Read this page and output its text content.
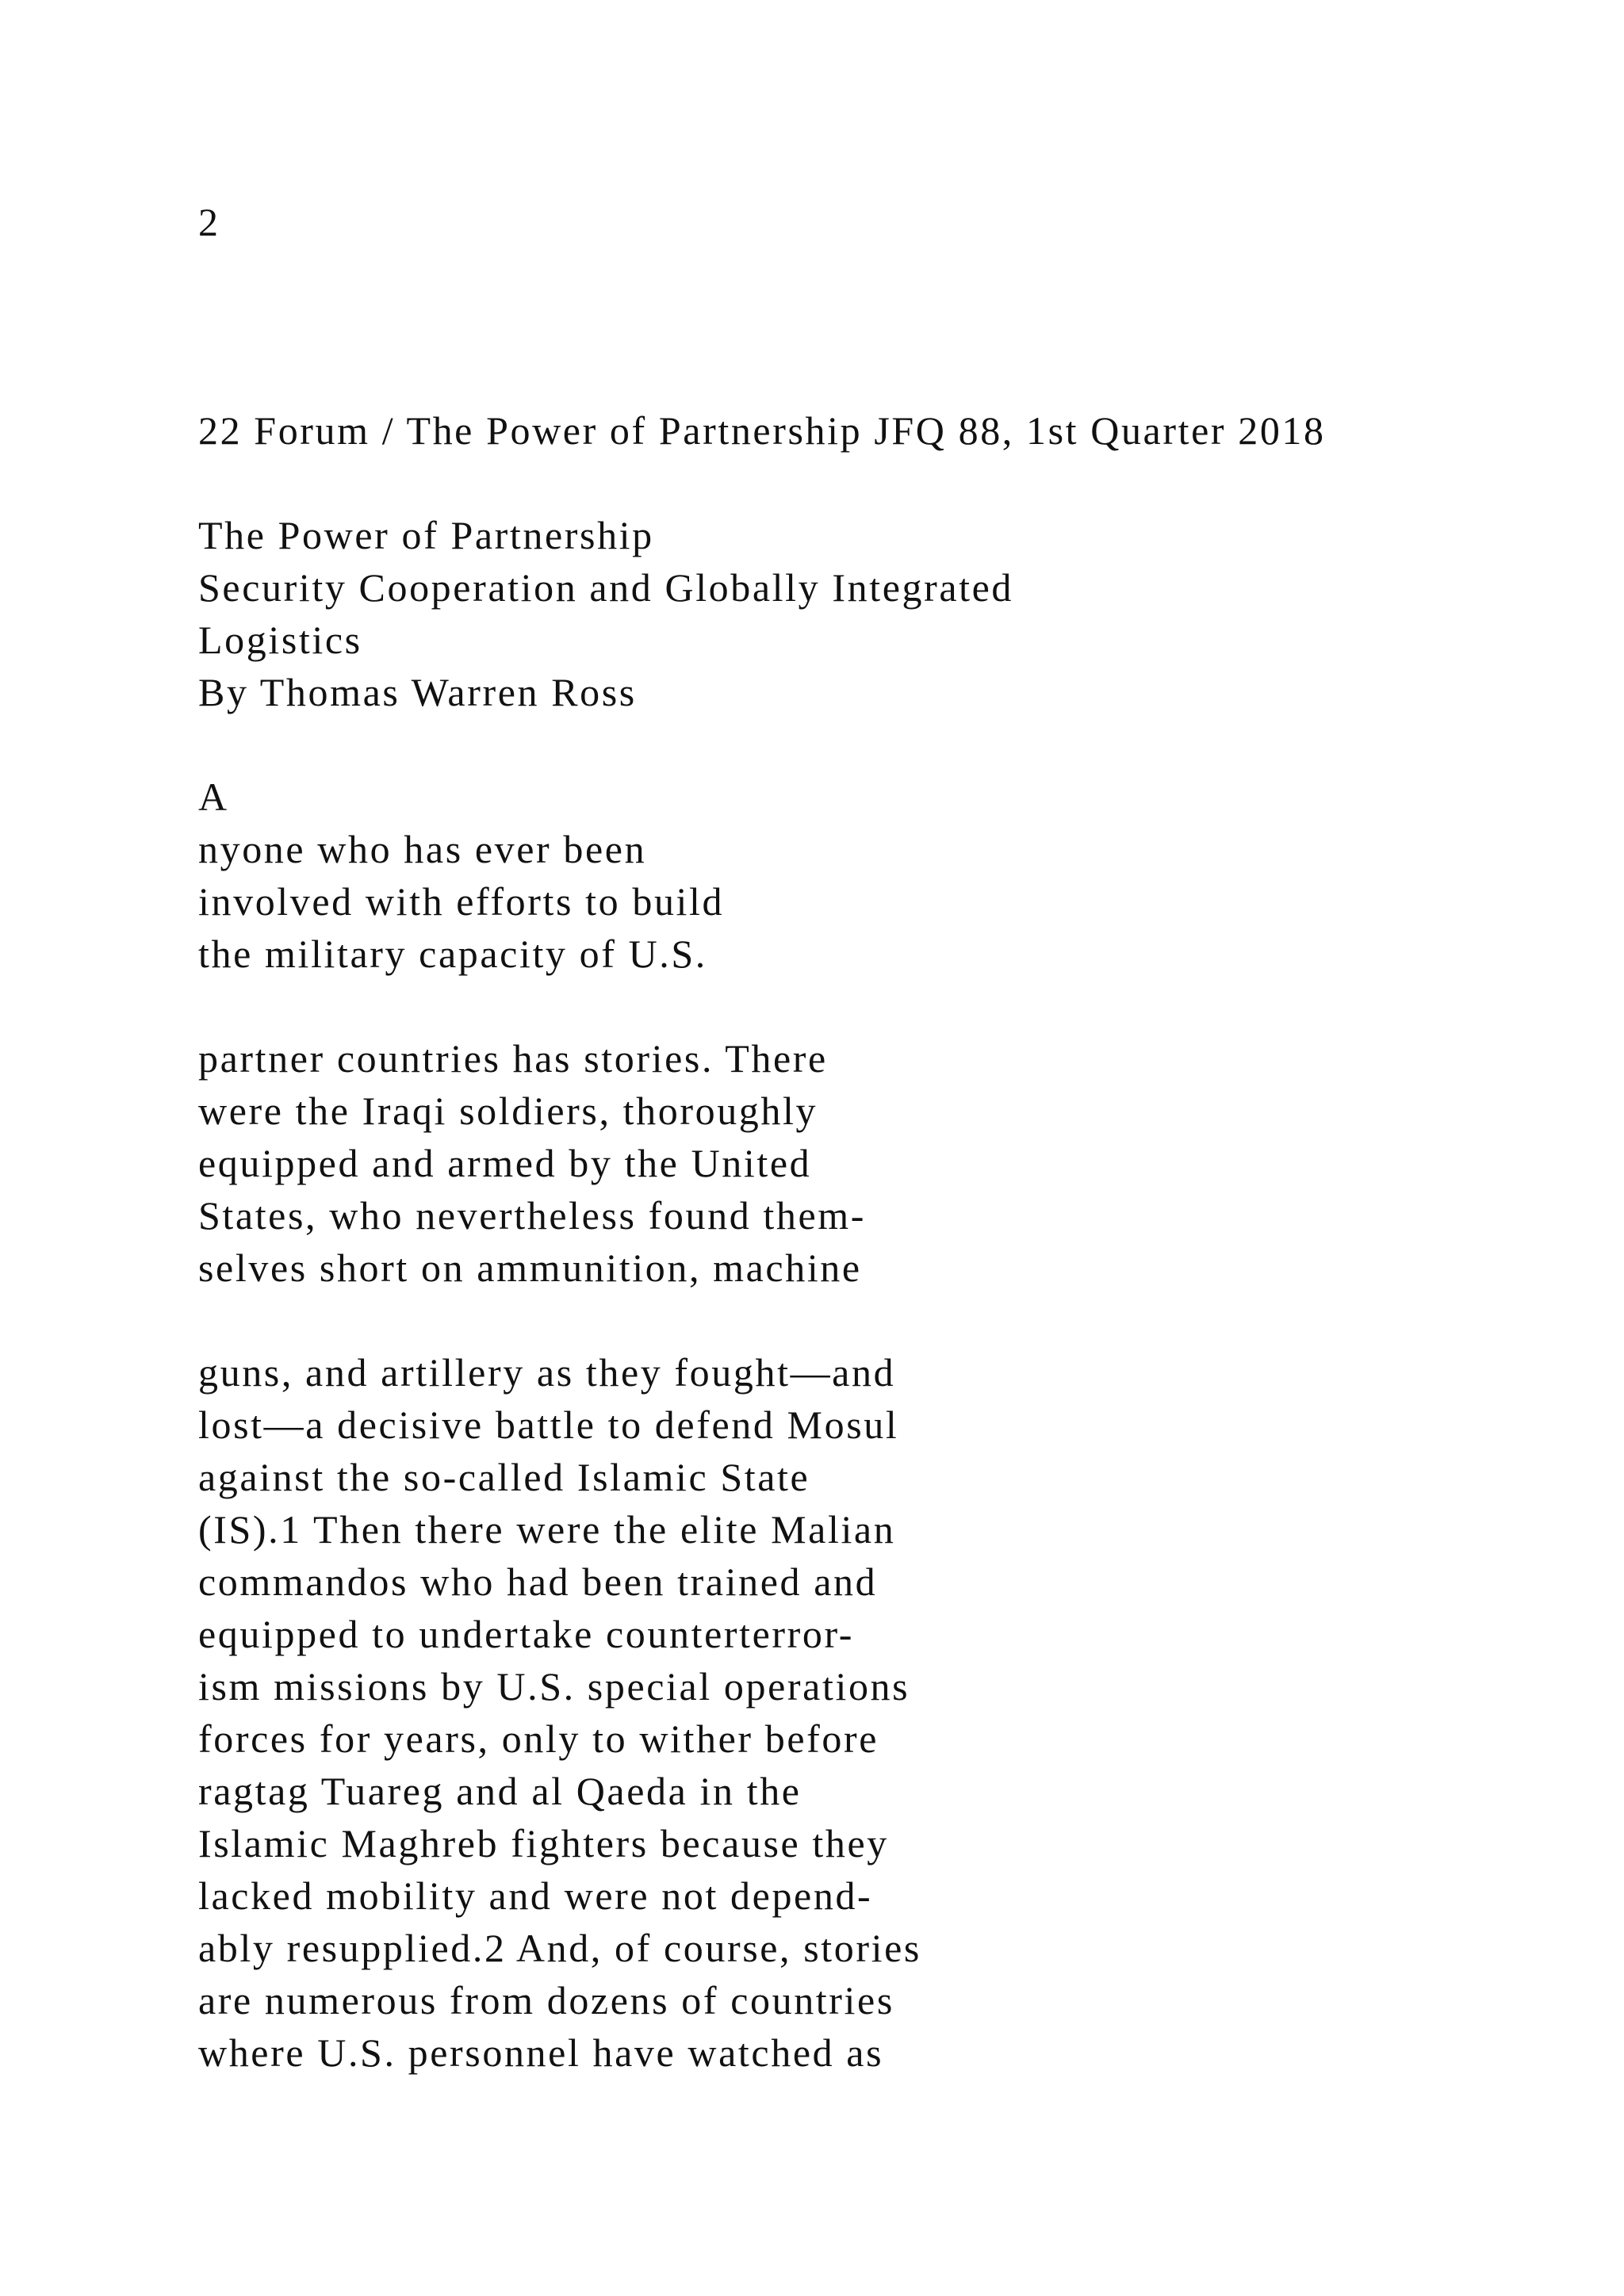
2
22 Forum / The Power of Partnership JFQ 88, 1st Quarter 2018
The Power of Partnership
Security Cooperation and Globally Integrated
Logistics
By Thomas Warren Ross
A
nyone who has ever been
involved with efforts to build
the military capacity of U.S.
partner countries has stories. There
were the Iraqi soldiers, thoroughly
equipped and armed by the United
States, who nevertheless found them-
selves short on ammunition, machine
guns, and artillery as they fought—and
lost—a decisive battle to defend Mosul
against the so-called Islamic State
(IS).1 Then there were the elite Malian
commandos who had been trained and
equipped to undertake counterterror-
ism missions by U.S. special operations
forces for years, only to wither before
ragtag Tuareg and al Qaeda in the
Islamic Maghreb fighters because they
lacked mobility and were not depend-
ably resupplied.2 And, of course, stories
are numerous from dozens of countries
where U.S. personnel have watched as
